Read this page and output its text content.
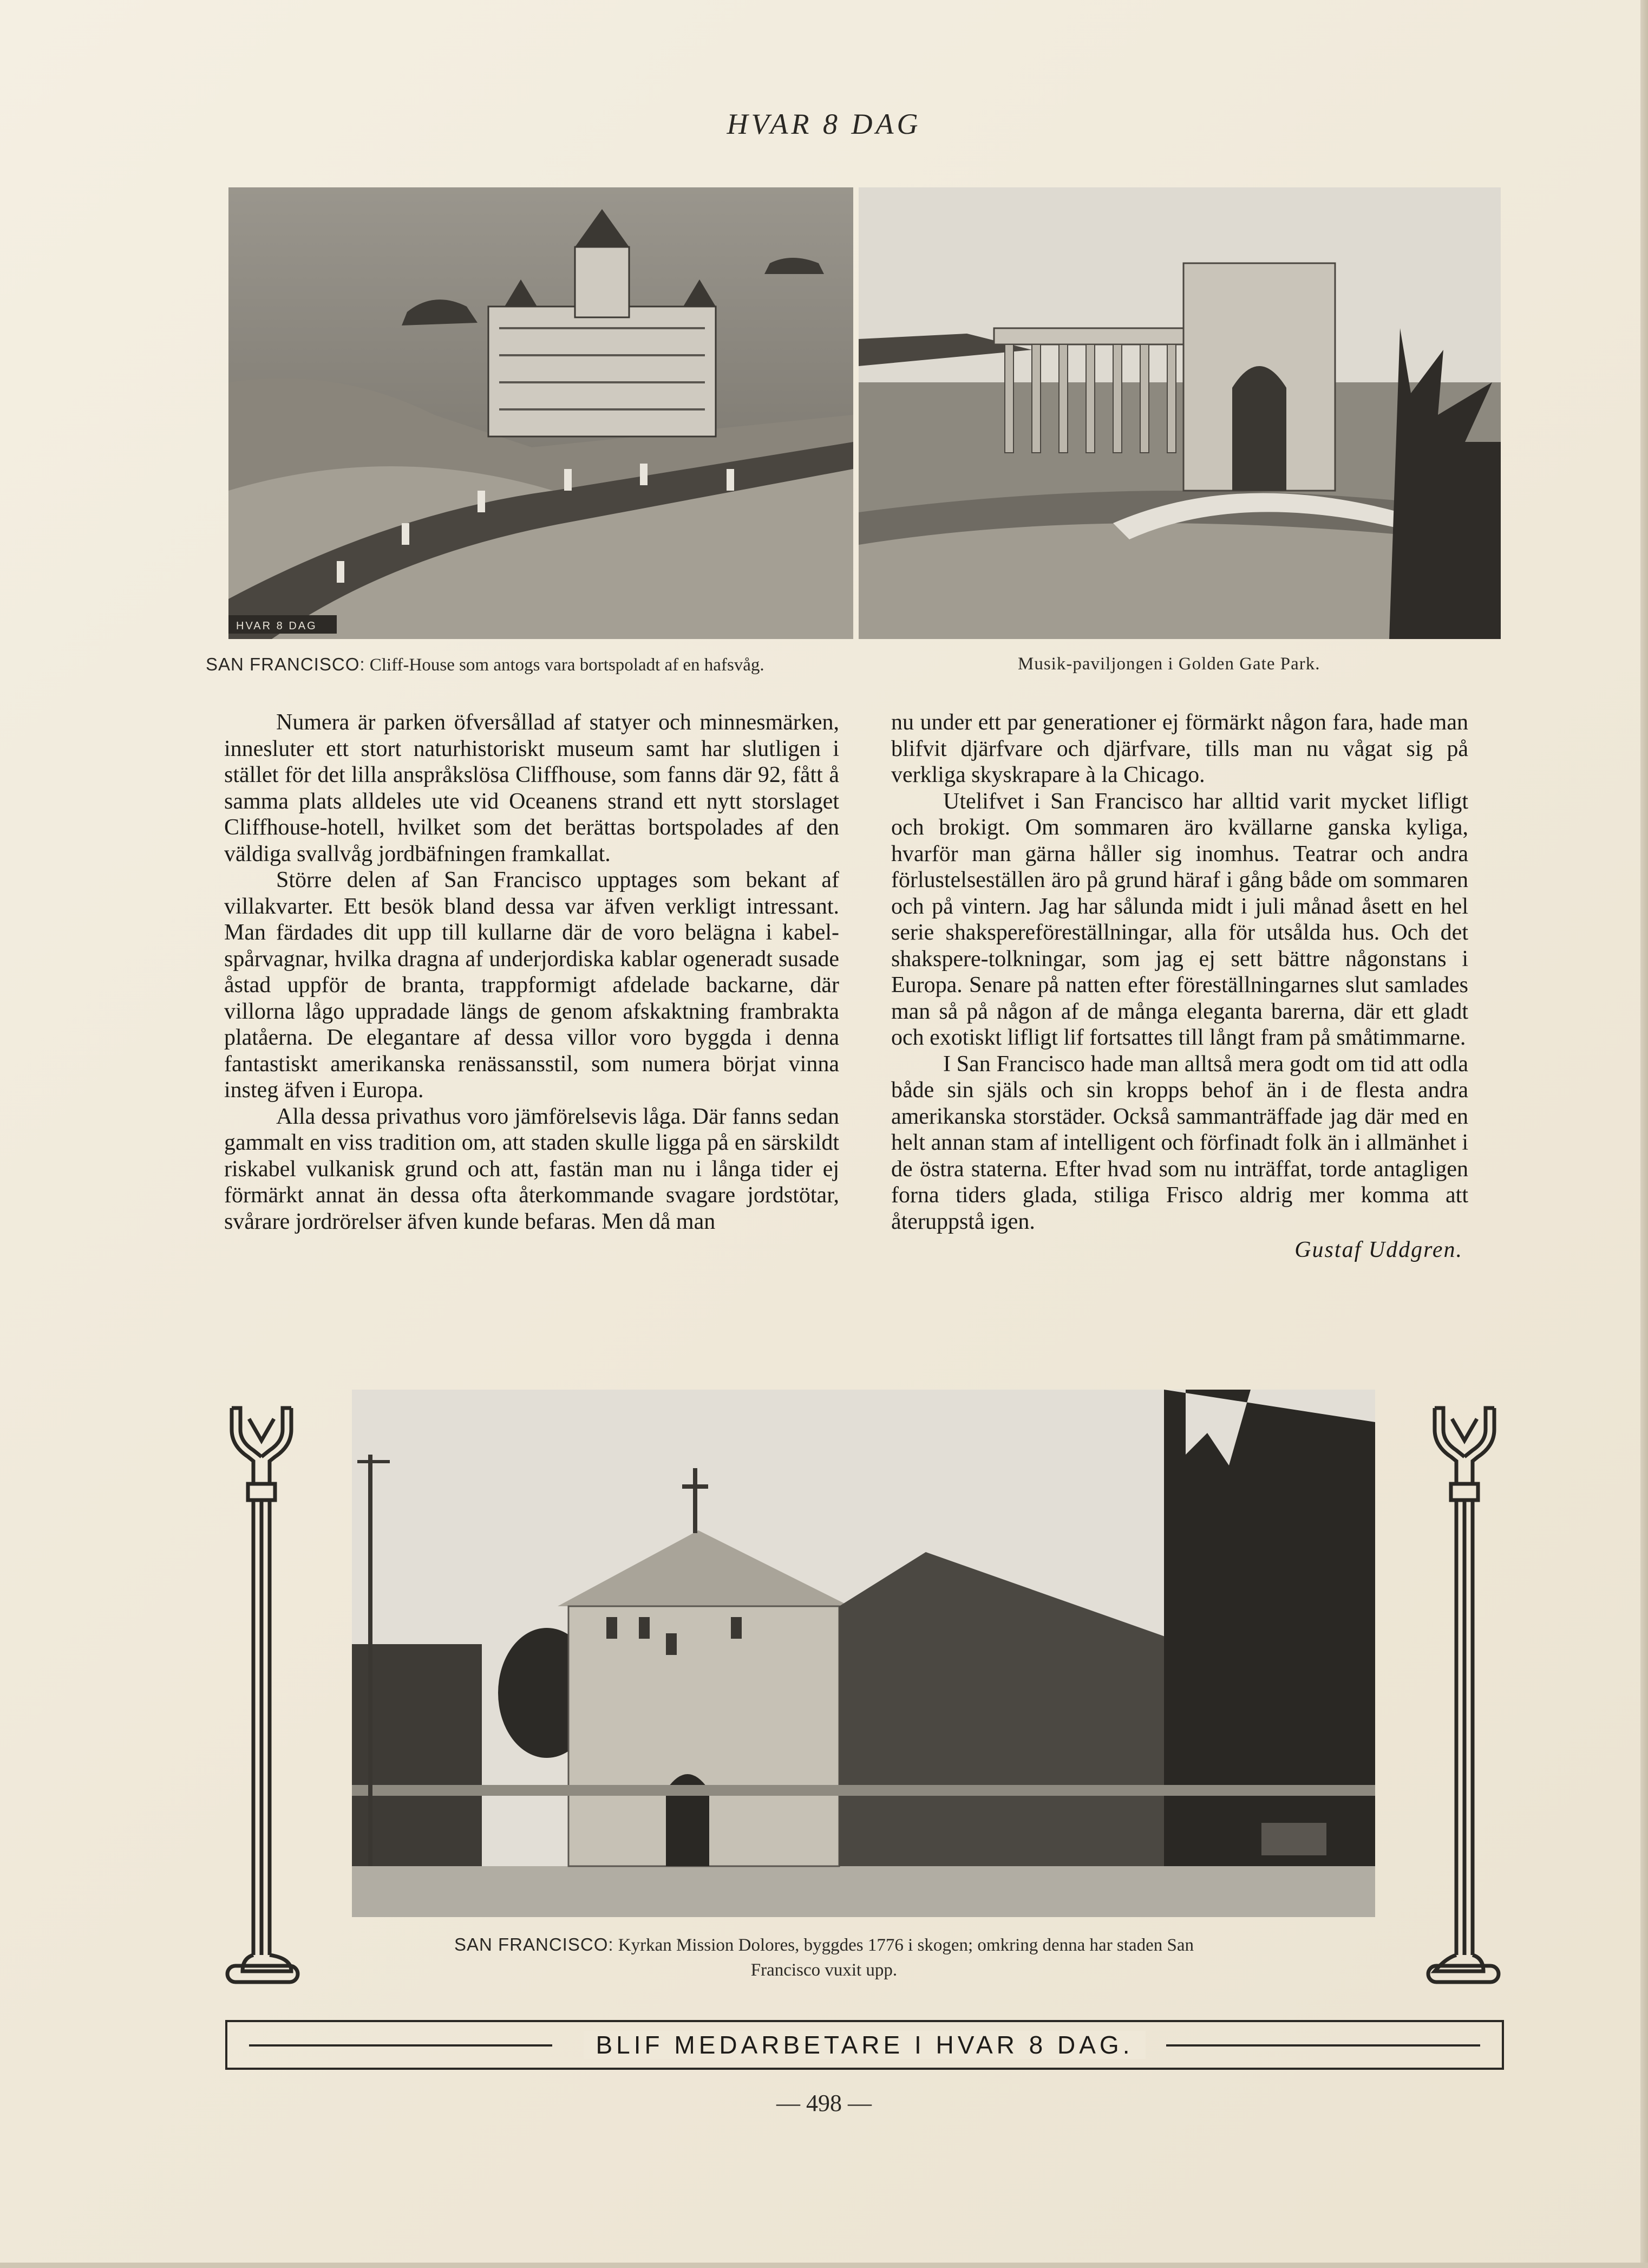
HVAR 8 DAG
HVAR 8 DAG
SAN FRANCISCO: Cliff-House som antogs vara bortspoladt af en hafsvåg.	Musik-paviljongen i Golden Gate Park.

Numera är parken öfversållad af statyer och minnesmärken, innesluter ett stort naturhistoriskt museum samt har slutligen i stället för det lilla anspråkslösa Cliffhouse, som fanns där 92, fått å samma plats alldeles ute vid Oceanens strand ett nytt storslaget Cliffhouse-hotell, hvilket som det berättas bortspolades af den väldiga svallvåg jordbäfningen framkallat.

Större delen af San Francisco upptages som bekant af villakvarter. Ett besök bland dessa var äfven verkligt intressant. Man färdades dit upp till kullarne där de voro belägna i kabel-spårvagnar, hvilka dragna af underjordiska kablar ogeneradt susade åstad uppför de branta, trappformigt afdelade backarne, där villorna lågo uppradade längs de genom afskaktning frambrakta platåerna. De elegantare af dessa villor voro byggda i denna fantastiskt amerikanska renässansstil, som numera börjat vinna insteg äfven i Europa.

Alla dessa privathus voro jämförelsevis låga. Där fanns sedan gammalt en viss tradition om, att staden skulle ligga på en särskildt riskabel vulkanisk grund och att, fastän man nu i långa tider ej förmärkt annat än dessa ofta återkommande svagare jordstötar, svårare jordrörelser äfven kunde befaras. Men då man

nu under ett par generationer ej förmärkt någon fara, hade man blifvit djärfvare och djärfvare, tills man nu vågat sig på verkliga skyskrapare à la Chicago.

Utelifvet i San Francisco har alltid varit mycket lifligt och brokigt. Om sommaren äro kvällarne ganska kyliga, hvarför man gärna håller sig inomhus. Teatrar och andra förlustelseställen äro på grund häraf i gång både om sommaren och på vintern. Jag har sålunda midt i juli månad åsett en hel serie shakspereföreställningar, alla för utsålda hus. Och det shakspere-tolkningar, som jag ej sett bättre någonstans i Europa. Senare på natten efter föreställningarnes slut samlades man så på någon af de många eleganta barerna, där ett gladt och exotiskt lifligt lif fortsattes till långt fram på småtimmarne.

I San Francisco hade man alltså mera godt om tid att odla både sin själs och sin kropps behof än i de flesta andra amerikanska storstäder. Också sammanträffade jag där med en helt annan stam af intelligent och förfinadt folk än i allmänhet i de östra staterna. Efter hvad som nu inträffat, torde antagligen forna tiders glada, stiliga Frisco aldrig mer komma att återuppstå igen.

Gustaf Uddgren.
SAN FRANCISCO: Kyrkan Mission Dolores, byggdes 1776 i skogen; omkring denna har staden San
Francisco vuxit upp.
BLIF MEDARBETARE I HVAR 8 DAG.
— 498 —
